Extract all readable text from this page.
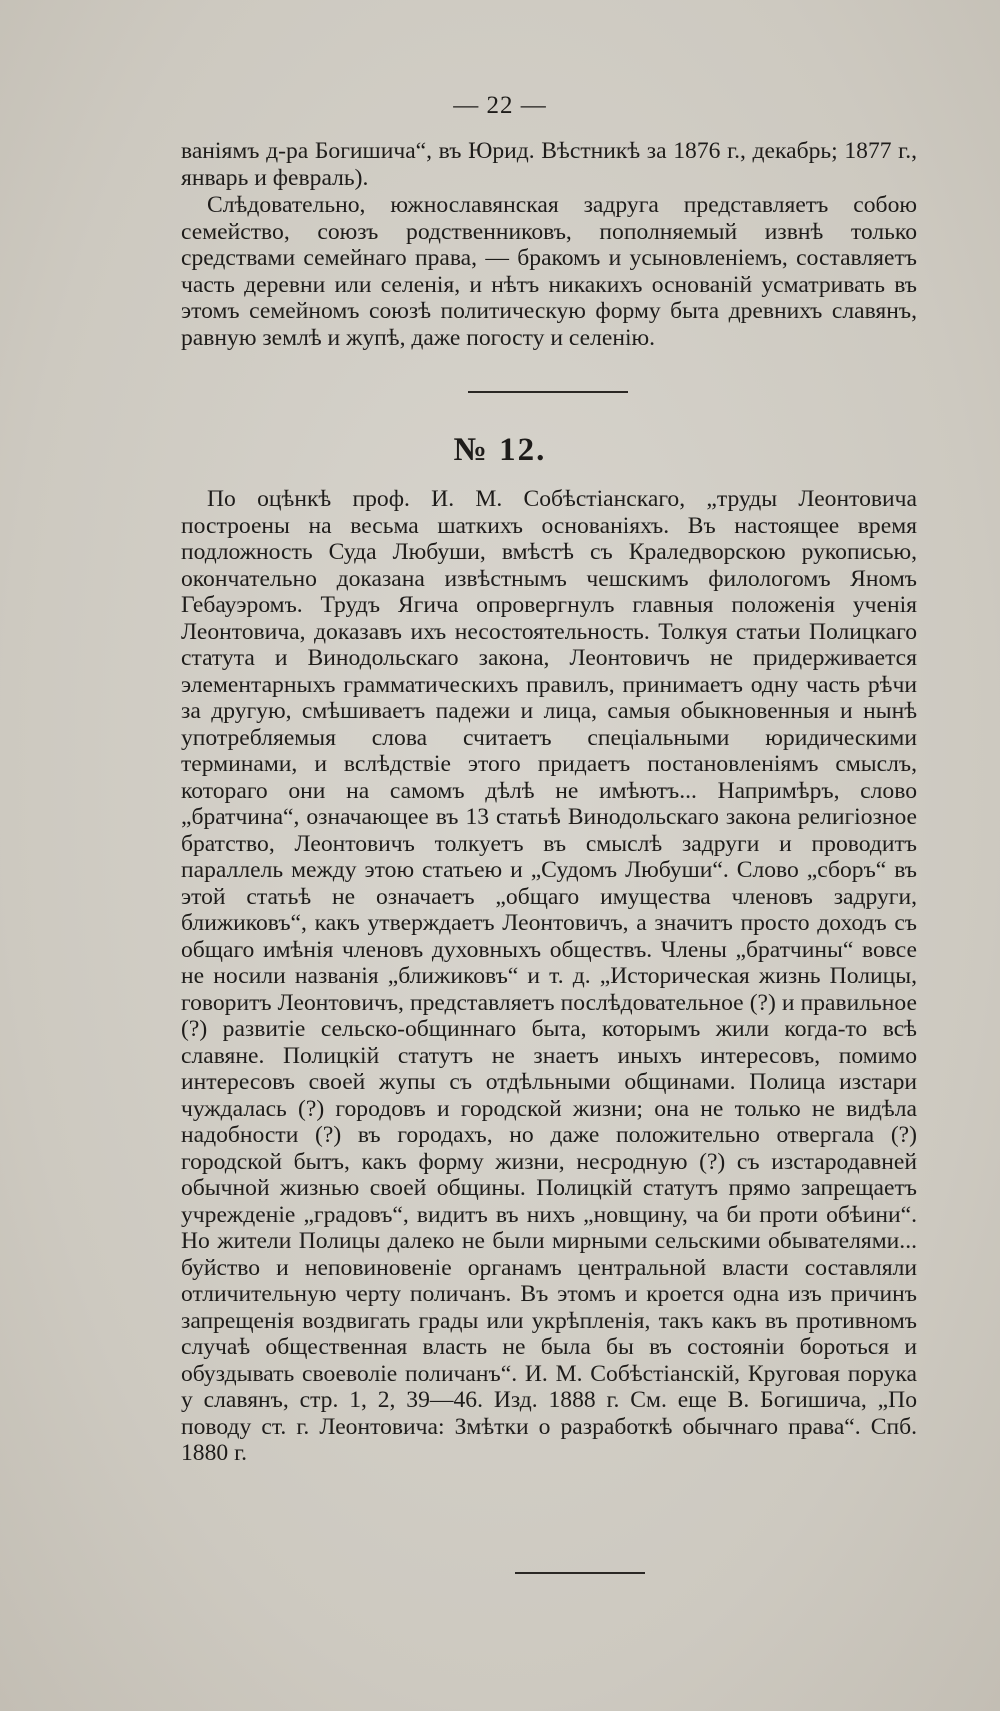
— 22 —

ваніямъ д-ра Богишича“, въ Юрид. Вѣстникѣ за 1876 г., декабрь; 1877 г., январь и февраль).

Слѣдовательно, южнославянская задруга представляетъ собою семейство, союзъ родственниковъ, пополняемый извнѣ только средствами семейнаго права, — бракомъ и усыновленіемъ, составляетъ часть деревни или селенія, и нѣтъ никакихъ основаній усматривать въ этомъ семейномъ союзѣ политическую форму быта древнихъ славянъ, равную землѣ и жупѣ, даже погосту и селенію.

№ 12.

По оцѣнкѣ проф. И. М. Собѣстіанскаго, „труды Леонтовича построены на весьма шаткихъ основаніяхъ. Въ настоящее время подложность Суда Любуши, вмѣстѣ съ Краледворскою рукописью, окончательно доказана извѣстнымъ чешскимъ филологомъ Яномъ Гебауэромъ. Трудъ Ягича опровергнулъ главныя положенія ученія Леонтовича, доказавъ ихъ несостоятельность. Толкуя статьи Полицкаго статута и Винодольскаго закона, Леонтовичъ не придерживается элементарныхъ грамматическихъ правилъ, принимаетъ одну часть рѣчи за другую, смѣшиваетъ падежи и лица, самыя обыкновенныя и нынѣ употребляемыя слова считаетъ спеціальными юридическими терминами, и вслѣдствіе этого придаетъ постановленіямъ смыслъ, котораго они на самомъ дѣлѣ не имѣютъ... Напримѣръ, слово „братчина“, означающее въ 13 статьѣ Винодольскаго закона религіозное братство, Леонтовичъ толкуетъ въ смыслѣ задруги и проводитъ параллель между этою статьею и „Судомъ Любуши“. Слово „сборъ“ въ этой статьѣ не означаетъ „общаго имущества членовъ задруги, ближиковъ“, какъ утверждаетъ Леонтовичъ, а значитъ просто доходъ съ общаго имѣнія членовъ духовныхъ обществъ. Члены „братчины“ вовсе не носили названія „ближиковъ“ и т. д. „Историческая жизнь Полицы, говоритъ Леонтовичъ, представляетъ послѣдовательное (?) и правильное (?) развитіе сельско-общиннаго быта, которымъ жили когда-то всѣ славяне. Полицкій статутъ не знаетъ иныхъ интересовъ, помимо интересовъ своей жупы съ отдѣльными общинами. Полица изстари чуждалась (?) городовъ и городской жизни; она не только не видѣла надобности (?) въ городахъ, но даже положительно отвергала (?) городской бытъ, какъ форму жизни, несродную (?) съ изстародавней обычной жизнью своей общины. Полицкій статутъ прямо запрещаетъ учрежденіе „градовъ“, видитъ въ нихъ „новщину, ча би проти обѣини“. Но жители Полицы далеко не были мирными сельскими обывателями... буйство и неповиновеніе органамъ центральной власти составляли отличительную черту поличанъ. Въ этомъ и кроется одна изъ причинъ запрещенія воздвигать грады или укрѣпленія, такъ какъ въ противномъ случаѣ общественная власть не была бы въ состояніи бороться и обуздывать своеволіе поличанъ“. И. М. Собѣстіанскій, Круговая порука у славянъ, стр. 1, 2, 39—46. Изд. 1888 г. См. еще В. Богишича, „По поводу ст. г. Леонтовича: Змѣтки о разработкѣ обычнаго права“. Спб. 1880 г.
